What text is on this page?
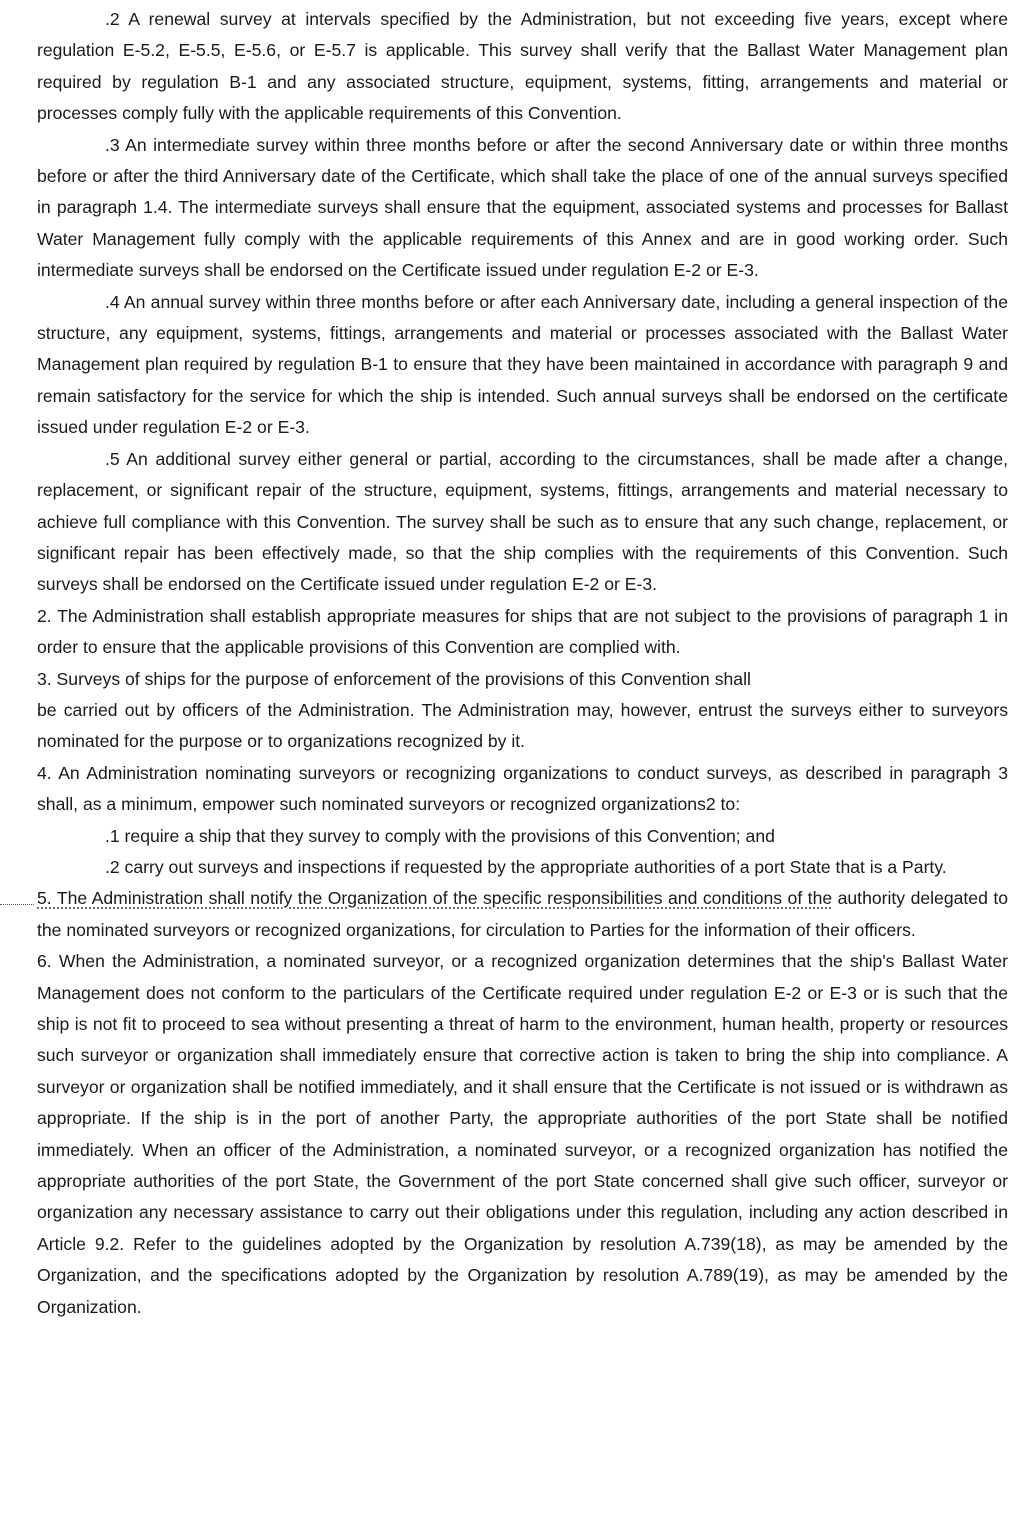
.2 A renewal survey at intervals specified by the Administration, but not exceeding five years, except where regulation E-5.2, E-5.5, E-5.6, or E-5.7 is applicable. This survey shall verify that the Ballast Water Management plan required by regulation B-1 and any associated structure, equipment, systems, fitting, arrangements and material or processes comply fully with the applicable requirements of this Convention.

.3 An intermediate survey within three months before or after the second Anniversary date or within three months before or after the third Anniversary date of the Certificate, which shall take the place of one of the annual surveys specified in paragraph 1.4. The intermediate surveys shall ensure that the equipment, associated systems and processes for Ballast Water Management fully comply with the applicable requirements of this Annex and are in good working order. Such intermediate surveys shall be endorsed on the Certificate issued under regulation E-2 or E-3.

.4 An annual survey within three months before or after each Anniversary date, including a general inspection of the structure, any equipment, systems, fittings, arrangements and material or processes associated with the Ballast Water Management plan required by regulation B-1 to ensure that they have been maintained in accordance with paragraph 9 and remain satisfactory for the service for which the ship is intended. Such annual surveys shall be endorsed on the certificate issued under regulation E-2 or E-3.

.5 An additional survey either general or partial, according to the circumstances, shall be made after a change, replacement, or significant repair of the structure, equipment, systems, fittings, arrangements and material necessary to achieve full compliance with this Convention. The survey shall be such as to ensure that any such change, replacement, or significant repair has been effectively made, so that the ship complies with the requirements of this Convention. Such surveys shall be endorsed on the Certificate issued under regulation E-2 or E-3.

2. The Administration shall establish appropriate measures for ships that are not subject to the provisions of paragraph 1 in order to ensure that the applicable provisions of this Convention are complied with.

3. Surveys of ships for the purpose of enforcement of the provisions of this Convention shall

be carried out by officers of the Administration. The Administration may, however, entrust the surveys either to surveyors nominated for the purpose or to organizations recognized by it.

4. An Administration nominating surveyors or recognizing organizations to conduct surveys, as described in paragraph 3 shall, as a minimum, empower such nominated surveyors or recognized organizations2 to:

.1 require a ship that they survey to comply with the provisions of this Convention; and

.2 carry out surveys and inspections if requested by the appropriate authorities of a port State that is a Party.

5. The Administration shall notify the Organization of the specific responsibilities and conditions of the authority delegated to the nominated surveyors or recognized organizations, for circulation to Parties for the information of their officers.

6. When the Administration, a nominated surveyor, or a recognized organization determines that the ship's Ballast Water Management does not conform to the particulars of the Certificate required under regulation E-2 or E-3 or is such that the ship is not fit to proceed to sea without presenting a threat of harm to the environment, human health, property or resources such surveyor or organization shall immediately ensure that corrective action is taken to bring the ship into compliance. A surveyor or organization shall be notified immediately, and it shall ensure that the Certificate is not issued or is withdrawn as appropriate. If the ship is in the port of another Party, the appropriate authorities of the port State shall be notified immediately. When an officer of the Administration, a nominated surveyor, or a recognized organization has notified the appropriate authorities of the port State, the Government of the port State concerned shall give such officer, surveyor or organization any necessary assistance to carry out their obligations under this regulation, including any action described in Article 9.2. Refer to the guidelines adopted by the Organization by resolution A.739(18), as may be amended by the Organization, and the specifications adopted by the Organization by resolution A.789(19), as may be amended by the Organization.
